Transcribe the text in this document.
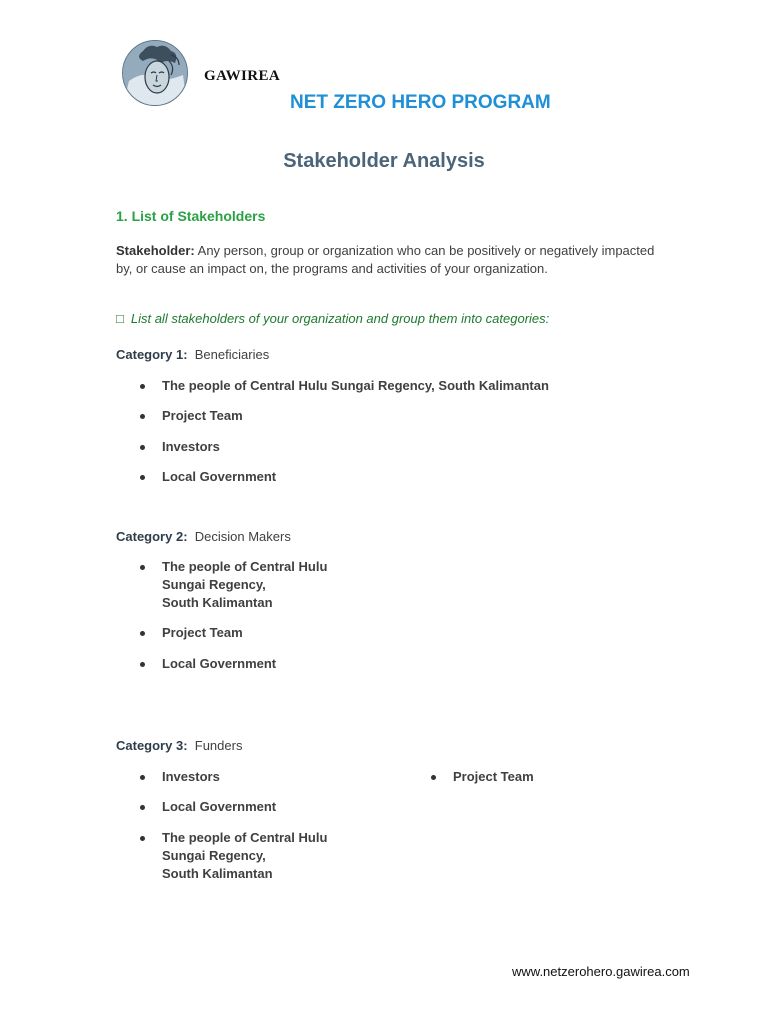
GAWIREA
NET ZERO HERO PROGRAM
Stakeholder Analysis
1. List of Stakeholders
Stakeholder: Any person, group or organization who can be positively or negatively impacted by, or cause an impact on, the programs and activities of your organization.
□ List all stakeholders of your organization and group them into categories:
Category 1: Beneficiaries
The people of Central Hulu Sungai Regency, South Kalimantan
Project Team
Investors
Local Government
Category 2: Decision Makers
The people of Central Hulu
Sungai Regency,
South Kalimantan
Project Team
Local Government
Category 3: Funders
Investors	Project Team
Local Government
The people of Central Hulu
Sungai Regency,
South Kalimantan
www.netzerohero.gawirea.com
